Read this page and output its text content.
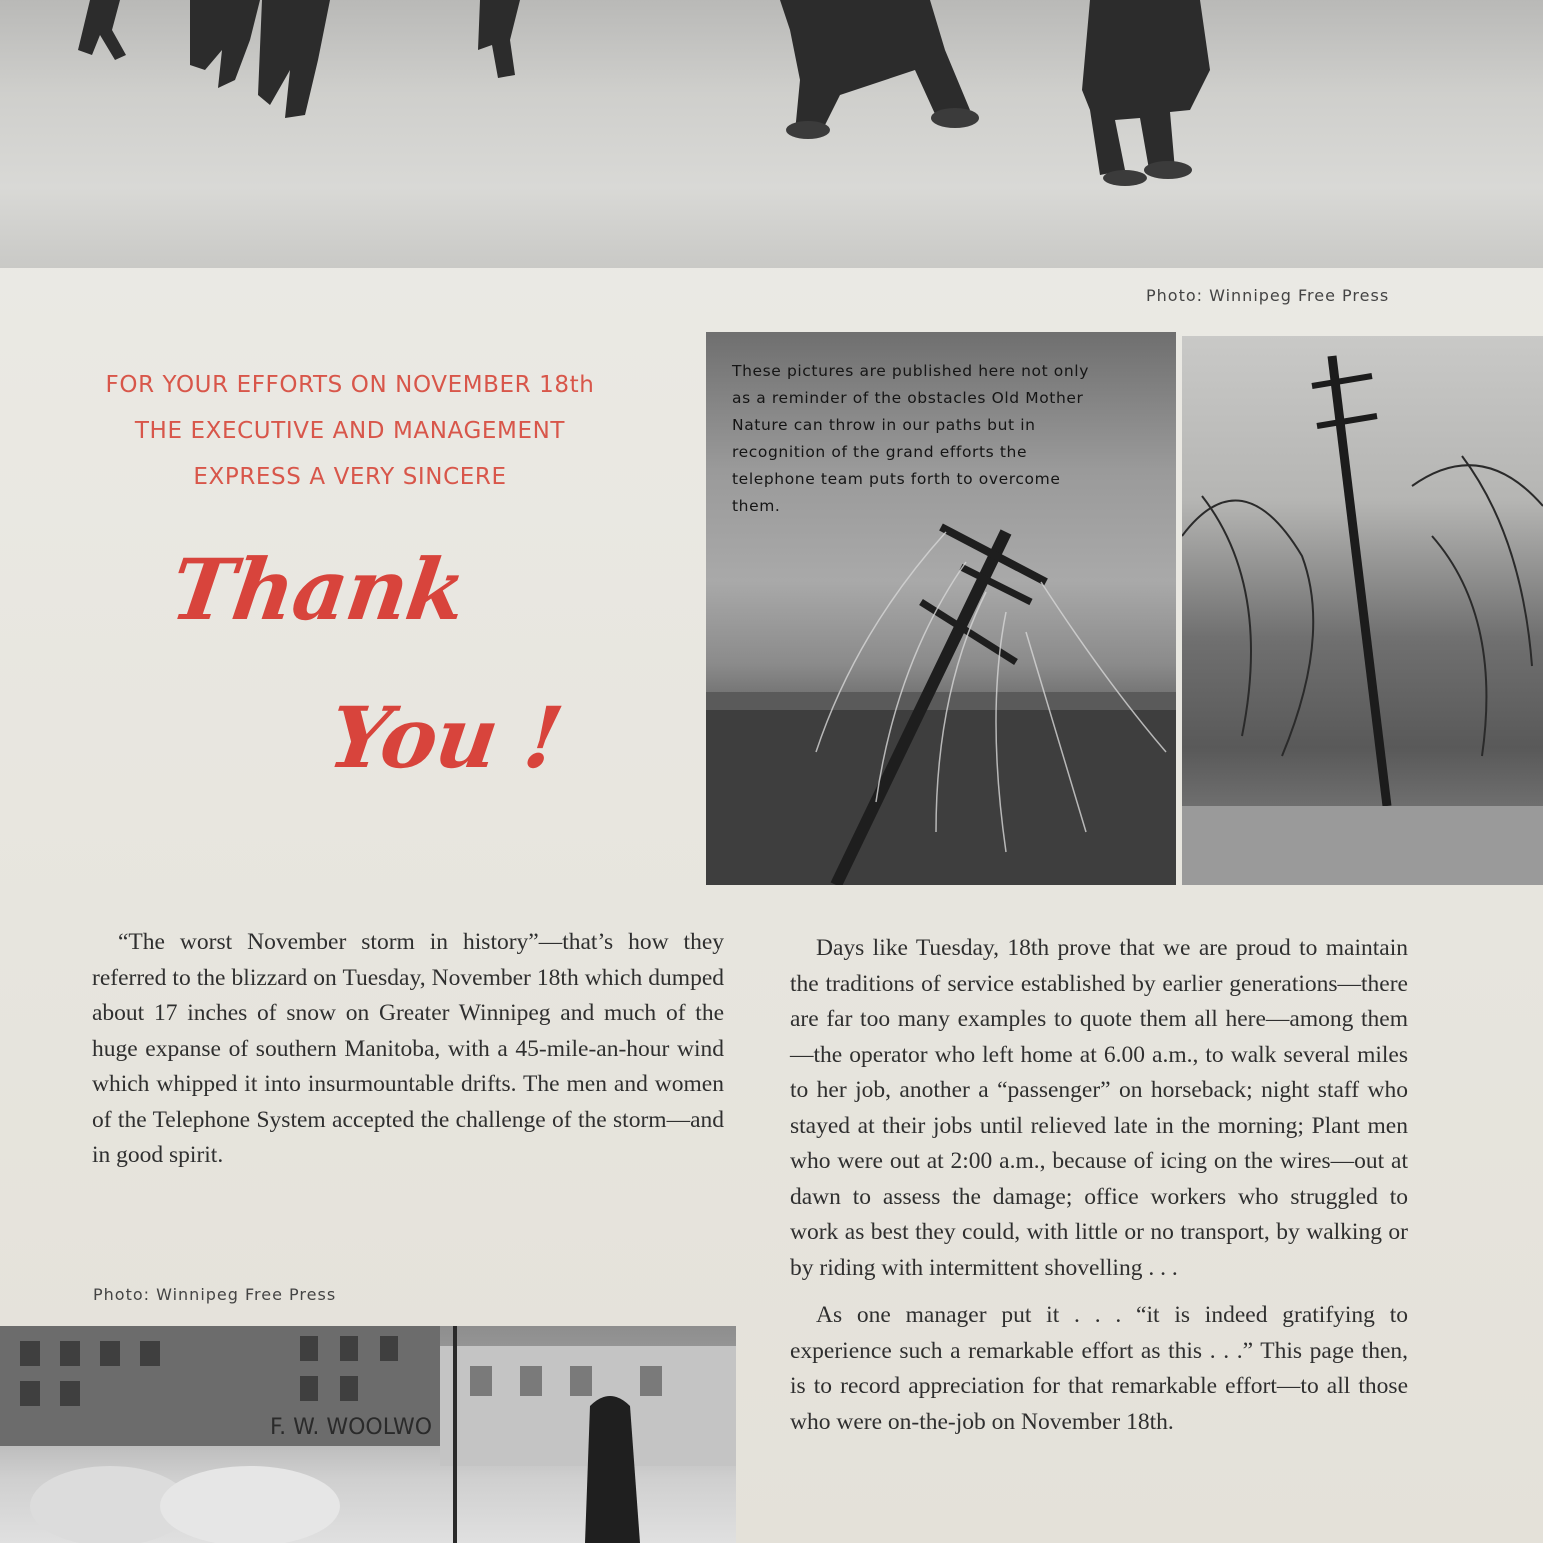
Photo: Winnipeg Free Press
FOR YOUR EFFORTS ON NOVEMBER 18th
THE EXECUTIVE AND MANAGEMENT
EXPRESS A VERY SINCERE
Thank
You !
These pictures are published here not only as a reminder of the obstacles Old Mother Nature can throw in our paths but in recognition of the grand efforts the telephone team puts forth to overcome them.

“The worst November storm in history”—that’s how they referred to the blizzard on Tuesday, November 18th which dumped about 17 inches of snow on Greater Winnipeg and much of the huge expanse of southern Manitoba, with a 45-mile-an-hour wind which whipped it into insurmountable drifts. The men and women of the Telephone System accepted the challenge of the storm—and in good spirit.

Days like Tuesday, 18th prove that we are proud to maintain the traditions of service established by earlier generations—there are far too many examples to quote them all here—among them—the operator who left home at 6.00 a.m., to walk several miles to her job, another a “passenger” on horseback; night staff who stayed at their jobs until relieved late in the morning; Plant men who were out at 2:00 a.m., because of icing on the wires—out at dawn to assess the damage; office workers who struggled to work as best they could, with little or no transport, by walking or by riding with intermittent shovelling . . .

As one manager put it . . . “it is indeed gratifying to experience such a remarkable effort as this . . .” This page then, is to record appreciation for that remarkable effort—to all those who were on-the-job on November 18th.

Photo: Winnipeg Free Press
F. W. WOOLWO
